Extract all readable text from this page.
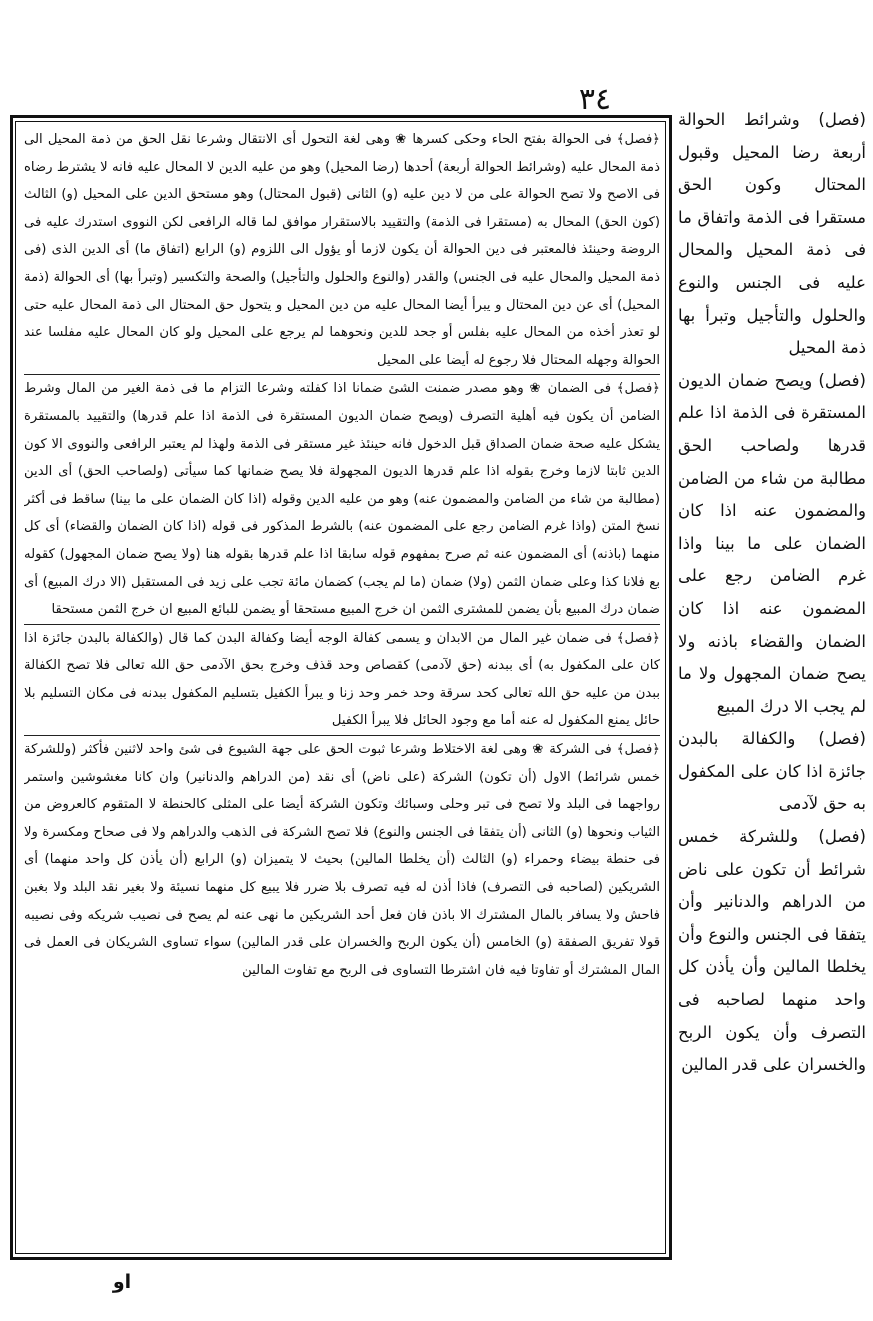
٣٤

﴿فصل﴾ فى الحوالة بفتح الحاء وحكى كسرها ❀ وهى لغة التحول أى الانتقال وشرعا نقل الحق من ذمة المحيل الى ذمة المحال عليه (وشرائط الحوالة أربعة) أحدها (رضا المحيل) وهو من عليه الدين لا المحال عليه فانه لا يشترط رضاه فى الاصح ولا تصح الحوالة على من لا دين عليه (و) الثانى (قبول المحتال) وهو مستحق الدين على المحيل (و) الثالث (كون الحق) المحال به (مستقرا فى الذمة) والتقييد بالاستقرار موافق لما قاله الرافعى لكن النووى استدرك عليه فى الروضة وحينئذ فالمعتبر فى دين الحوالة أن يكون لازما أو يؤول الى اللزوم (و) الرابع (اتفاق ما) أى الدين الذى (فى ذمة المحيل والمحال عليه فى الجنس) والقدر (والنوع والحلول والتأجيل) والصحة والتكسير (وتبرأ بها) أى الحوالة (ذمة المحيل) أى عن دين المحتال و يبرأ أيضا المحال عليه من دين المحيل و يتحول حق المحتال الى ذمة المحال عليه حتى لو تعذر أخذه من المحال عليه بفلس أو جحد للدين ونحوهما لم يرجع على المحيل ولو كان المحال عليه مفلسا عند الحوالة وجهله المحتال فلا رجوع له أيضا على المحيل

﴿فصل﴾ فى الضمان ❀ وهو مصدر ضمنت الشئ ضمانا اذا كفلته وشرعا التزام ما فى ذمة الغير من المال وشرط الضامن أن يكون فيه أهلية التصرف (ويصح ضمان الديون المستقرة فى الذمة اذا علم قدرها) والتقييد بالمستقرة يشكل عليه صحة ضمان الصداق قبل الدخول فانه حينئذ غير مستقر فى الذمة ولهذا لم يعتبر الرافعى والنووى الا كون الدين ثابتا لازما وخرج بقوله اذا علم قدرها الديون المجهولة فلا يصح ضمانها كما سيأتى (ولصاحب الحق) أى الدين (مطالبة من شاء من الضامن والمضمون عنه) وهو من عليه الدين وقوله (اذا كان الضمان على ما بينا) ساقط فى أكثر نسخ المتن (واذا غرم الضامن رجع على المضمون عنه) بالشرط المذكور فى قوله (اذا كان الضمان والقضاء) أى كل منهما (باذنه) أى المضمون عنه ثم صرح بمفهوم قوله سابقا اذا علم قدرها بقوله هنا (ولا يصح ضمان المجهول) كقوله بع فلانا كذا وعلى ضمان الثمن (ولا) ضمان (ما لم يجب) كضمان مائة تجب على زيد فى المستقبل (الا درك المبيع) أى ضمان درك المبيع بأن يضمن للمشترى الثمن ان خرج المبيع مستحقا أو يضمن للبائع المبيع ان خرج الثمن مستحقا

﴿فصل﴾ فى ضمان غير المال من الابدان و يسمى كفالة الوجه أيضا وكفالة البدن كما قال (والكفالة بالبدن جائزة اذا كان على المكفول به) أى ببدنه (حق لآدمى) كقصاص وحد قذف وخرج بحق الآدمى حق الله تعالى فلا تصح الكفالة ببدن من عليه حق الله تعالى كحد سرقة وحد خمر وحد زنا و يبرأ الكفيل بتسليم المكفول ببدنه فى مكان التسليم بلا حائل يمنع المكفول له عنه أما مع وجود الحائل فلا يبرأ الكفيل

﴿فصل﴾ فى الشركة ❀ وهى لغة الاختلاط وشرعا ثبوت الحق على جهة الشيوع فى شئ واحد لاثنين فأكثر (وللشركة خمس شرائط) الاول (أن تكون) الشركة (على ناض) أى نقد (من الدراهم والدنانير) وان كانا مغشوشين واستمر رواجهما فى البلد ولا تصح فى تبر وحلى وسبائك وتكون الشركة أيضا على المثلى كالحنطة لا المتقوم كالعروض من الثياب ونحوها (و) الثانى (أن يتفقا فى الجنس والنوع) فلا تصح الشركة فى الذهب والدراهم ولا فى صحاح ومكسرة ولا فى حنطة بيضاء وحمراء (و) الثالث (أن يخلطا المالين) بحيث لا يتميزان (و) الرابع (أن يأذن كل واحد منهما) أى الشريكين (لصاحبه فى التصرف) فاذا أذن له فيه تصرف بلا ضرر فلا يبيع كل منهما نسيئة ولا بغير نقد البلد ولا بغبن فاحش ولا يسافر بالمال المشترك الا باذن فان فعل أحد الشريكين ما نهى عنه لم يصح فى نصيب شريكه وفى نصيبه قولا تفريق الصفقة (و) الخامس (أن يكون الربح والخسران على قدر المالين) سواء تساوى الشريكان فى العمل فى المال المشترك أو تفاوتا فيه فان اشترطا التساوى فى الربح مع تفاوت المالين

(فصل) وشرائط الحوالة أربعة رضا المحيل وقبول المحتال وكون الحق مستقرا فى الذمة واتفاق ما فى ذمة المحيل والمحال عليه فى الجنس والنوع والحلول والتأجيل وتبرأ بها ذمة المحيل

(فصل) ويصح ضمان الديون المستقرة فى الذمة اذا علم قدرها ولصاحب الحق مطالبة من شاء من الضامن والمضمون عنه اذا كان الضمان على ما بينا واذا غرم الضامن رجع على المضمون عنه اذا كان الضمان والقضاء باذنه ولا يصح ضمان المجهول ولا ما لم يجب الا درك المبيع

(فصل) والكفالة بالبدن جائزة اذا كان على المكفول به حق لآدمى

(فصل) وللشركة خمس شرائط أن تكون على ناض من الدراهم والدنانير وأن يتفقا فى الجنس والنوع وأن يخلطا المالين وأن يأذن كل واحد منهما لصاحبه فى التصرف وأن يكون الربح والخسران على قدر المالين

او
